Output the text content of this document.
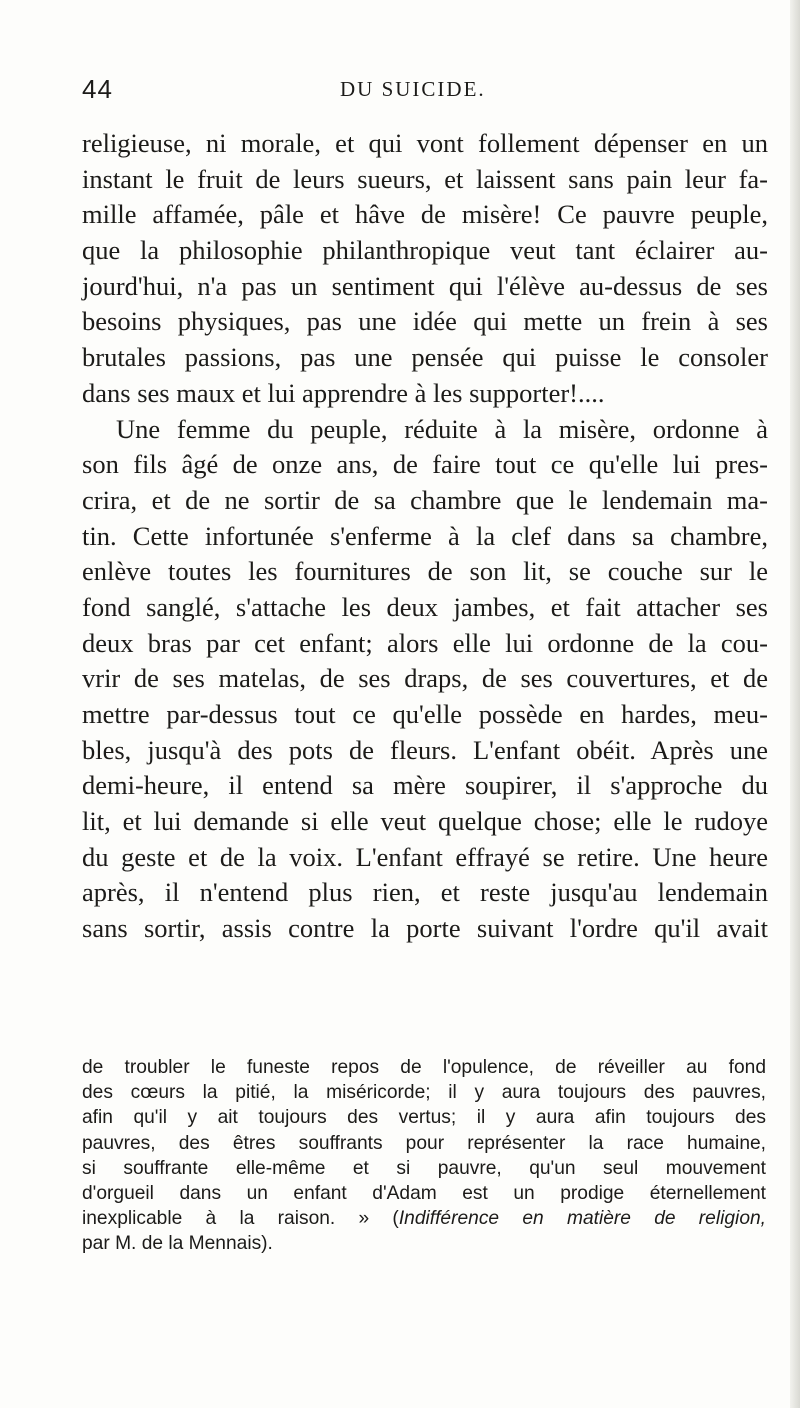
44	DU SUICIDE.
religieuse, ni morale, et qui vont follement dépenser en un
instant le fruit de leurs sueurs, et laissent sans pain leur fa-
mille affamée, pâle et hâve de misère! Ce pauvre peuple,
que la philosophie philanthropique veut tant éclairer au-
jourd'hui, n'a pas un sentiment qui l'élève au-dessus de ses
besoins physiques, pas une idée qui mette un frein à ses
brutales passions, pas une pensée qui puisse le consoler
dans ses maux et lui apprendre à les supporter!....
Une femme du peuple, réduite à la misère, ordonne à
son fils âgé de onze ans, de faire tout ce qu'elle lui pres-
crira, et de ne sortir de sa chambre que le lendemain ma-
tin. Cette infortunée s'enferme à la clef dans sa chambre,
enlève toutes les fournitures de son lit, se couche sur le
fond sanglé, s'attache les deux jambes, et fait attacher ses
deux bras par cet enfant; alors elle lui ordonne de la cou-
vrir de ses matelas, de ses draps, de ses couvertures, et de
mettre par-dessus tout ce qu'elle possède en hardes, meu-
bles, jusqu'à des pots de fleurs. L'enfant obéit. Après une
demi-heure, il entend sa mère soupirer, il s'approche du
lit, et lui demande si elle veut quelque chose; elle le rudoye
du geste et de la voix. L'enfant effrayé se retire. Une heure
après, il n'entend plus rien, et reste jusqu'au lendemain
sans sortir, assis contre la porte suivant l'ordre qu'il avait
de troubler le funeste repos de l'opulence, de réveiller au fond
des cœurs la pitié, la miséricorde; il y aura toujours des pauvres,
afin qu'il y ait toujours des vertus; il y aura afin toujours des
pauvres, des êtres souffrants pour représenter la race humaine,
si souffrante elle-même et si pauvre, qu'un seul mouvement
d'orgueil dans un enfant d'Adam est un prodige éternellement
inexplicable à la raison. » (Indifférence en matière de religion,
par M. de la Mennais).
